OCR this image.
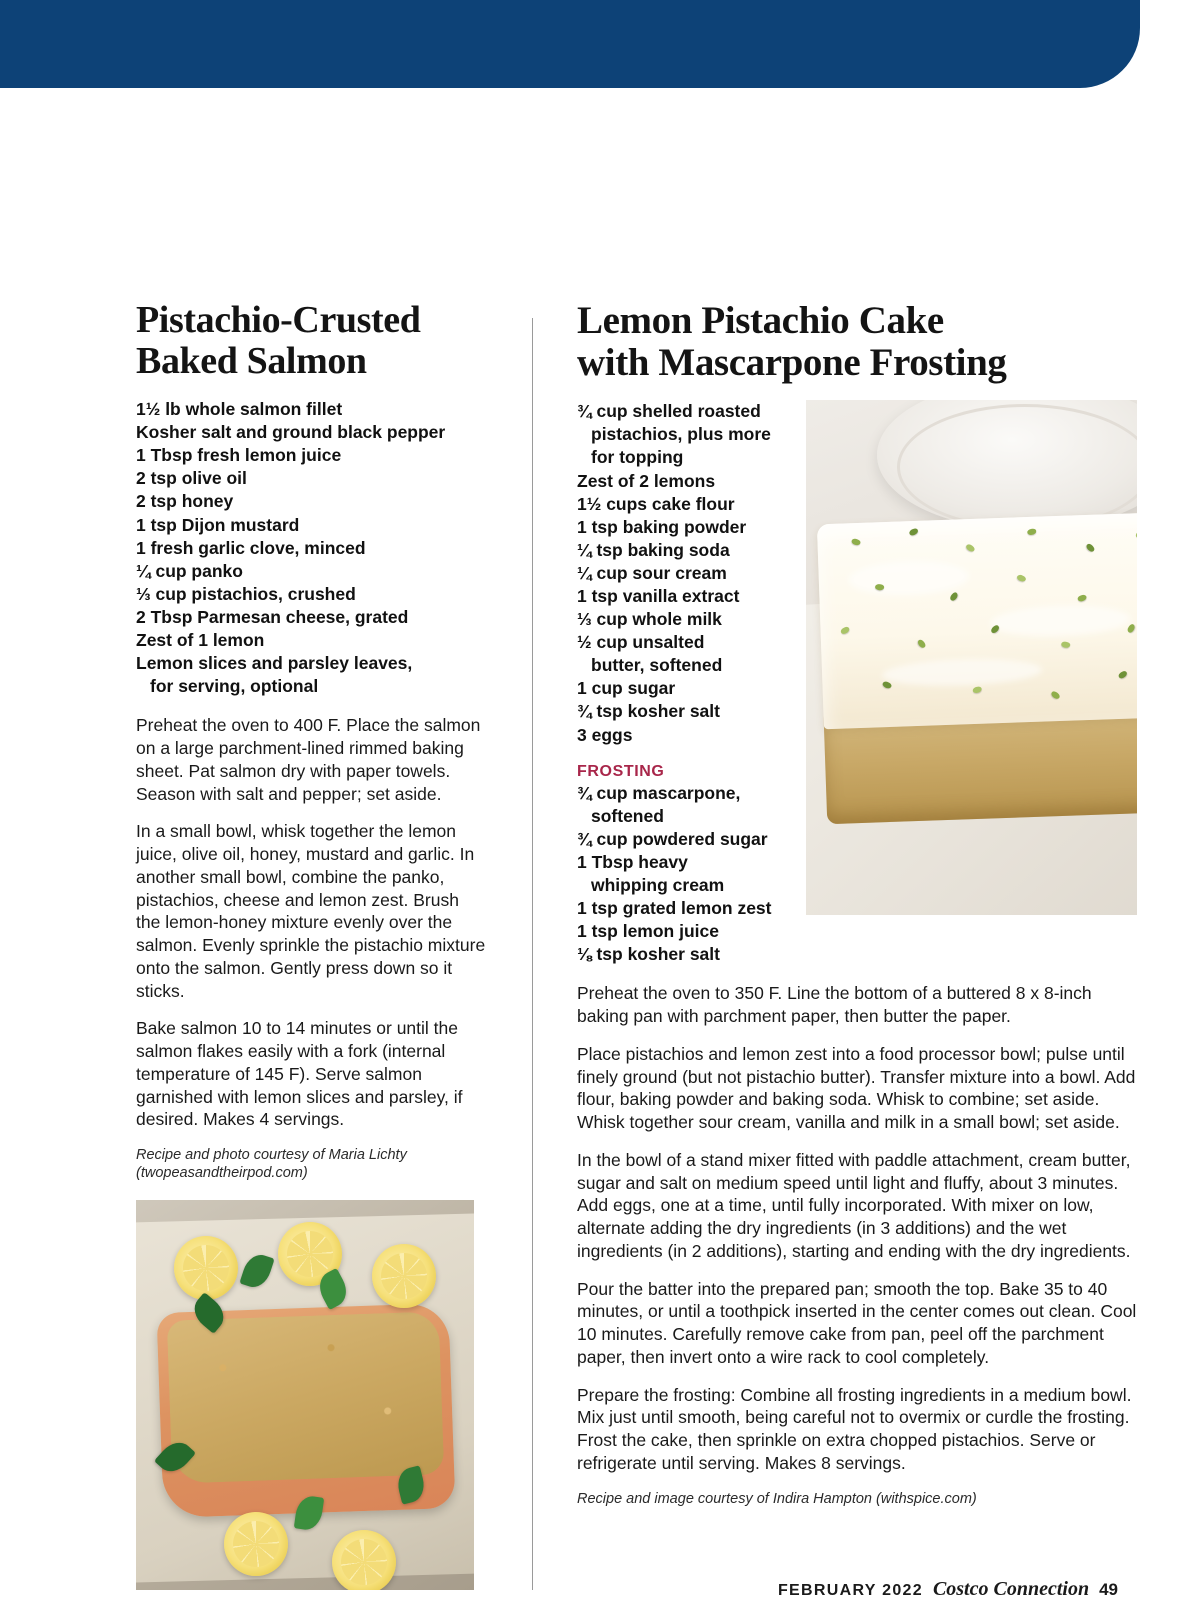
Pistachio-Crusted
Baked Salmon
1½ lb whole salmon fillet
Kosher salt and ground black pepper
1 Tbsp fresh lemon juice
2 tsp olive oil
2 tsp honey
1 tsp Dijon mustard
1 fresh garlic clove, minced
¼ cup panko
⅓ cup pistachios, crushed
2 Tbsp Parmesan cheese, grated
Zest of 1 lemon
Lemon slices and parsley leaves,
for serving, optional

Preheat the oven to 400 F. Place the salmon on a large parchment-lined rimmed baking sheet. Pat salmon dry with paper towels. Season with salt and pepper; set aside.

In a small bowl, whisk together the lemon juice, olive oil, honey, mustard and garlic. In another small bowl, combine the panko, pistachios, cheese and lemon zest. Brush the lemon-honey mixture evenly over the salmon. Evenly sprinkle the pistachio mixture onto the salmon. Gently press down so it sticks.

Bake salmon 10 to 14 minutes or until the salmon flakes easily with a fork (internal temperature of 145 F). Serve salmon garnished with lemon slices and parsley, if desired. Makes 4 servings.

Recipe and photo courtesy of Maria Lichty
(twopeasandtheirpod.com)

Lemon Pistachio Cake
with Mascarpone Frosting
¾ cup shelled roasted
pistachios, plus more
for topping
Zest of 2 lemons
1½ cups cake flour
1 tsp baking powder
¼ tsp baking soda
¼ cup sour cream
1 tsp vanilla extract
⅓ cup whole milk
½ cup unsalted
butter, softened
1 cup sugar
¾ tsp kosher salt
3 eggs
FROSTING
¾ cup mascarpone,
softened
¾ cup powdered sugar
1 Tbsp heavy
whipping cream
1 tsp grated lemon zest
1 tsp lemon juice
⅛ tsp kosher salt

Preheat the oven to 350 F. Line the bottom of a buttered 8 x 8-inch baking pan with parchment paper, then butter the paper.

Place pistachios and lemon zest into a food processor bowl; pulse until finely ground (but not pistachio butter). Transfer mixture into a bowl. Add flour, baking powder and baking soda. Whisk to combine; set aside. Whisk together sour cream, vanilla and milk in a small bowl; set aside.

In the bowl of a stand mixer fitted with paddle attachment, cream butter, sugar and salt on medium speed until light and fluffy, about 3 minutes. Add eggs, one at a time, until fully incorporated. With mixer on low, alternate adding the dry ingredients (in 3 additions) and the wet ingredients (in 2 additions), starting and ending with the dry ingredients.

Pour the batter into the prepared pan; smooth the top. Bake 35 to 40 minutes, or until a toothpick inserted in the center comes out clean. Cool 10 minutes. Carefully remove cake from pan, peel off the parchment paper, then invert onto a wire rack to cool completely.

Prepare the frosting: Combine all frosting ingredients in a medium bowl. Mix just until smooth, being careful not to overmix or curdle the frosting. Frost the cake, then sprinkle on extra chopped pistachios. Serve or refrigerate until serving. Makes 8 servings.

Recipe and image courtesy of Indira Hampton (withspice.com)

FEBRUARY 2022 Costco Connection 49
